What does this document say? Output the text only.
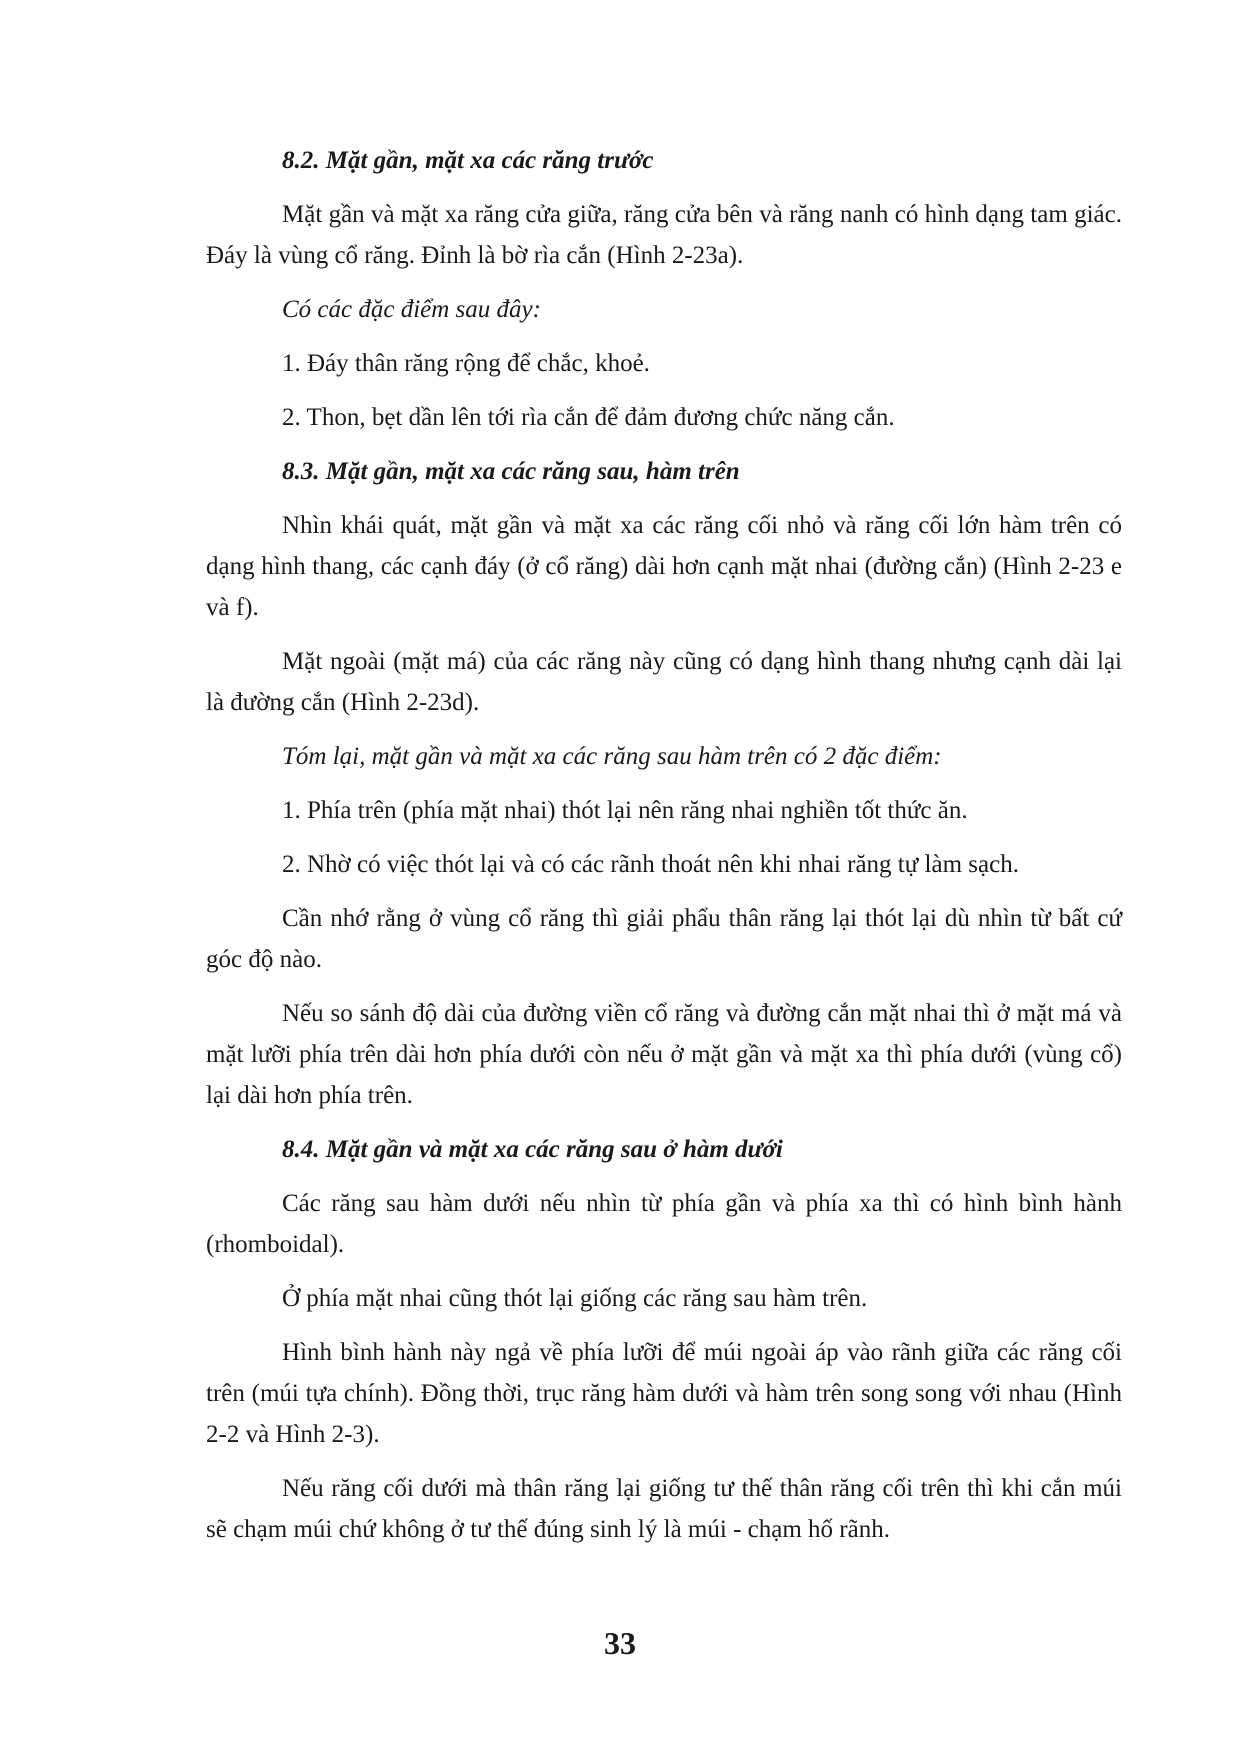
8.2. Mặt gần, mặt xa các răng trước
Mặt gần và mặt xa răng cửa giữa, răng cửa bên và răng nanh có hình dạng tam giác. Đáy là vùng cổ răng. Đỉnh là bờ rìa cắn (Hình 2-23a).
Có các đặc điểm sau đây:
1. Đáy thân răng rộng để chắc, khoẻ.
2. Thon, bẹt dần lên tới rìa cắn để đảm đương chức năng cắn.
8.3. Mặt gần, mặt xa các răng sau, hàm trên
Nhìn khái quát, mặt gần và mặt xa các răng cối nhỏ và răng cối lớn hàm trên có dạng hình thang, các cạnh đáy (ở cổ răng) dài hơn cạnh mặt nhai (đường cắn) (Hình 2-23 e và f).
Mặt ngoài (mặt má) của các răng này cũng có dạng hình thang nhưng cạnh dài lại là đường cắn (Hình 2-23d).
Tóm lại, mặt gần và mặt xa các răng sau hàm trên có 2 đặc điểm:
1. Phía trên (phía mặt nhai) thót lại nên răng nhai nghiền tốt thức ăn.
2. Nhờ có việc thót lại và có các rãnh thoát nên khi nhai răng tự làm sạch.
Cần nhớ rằng ở vùng cổ răng thì giải phẩu thân răng lại thót lại dù nhìn từ bất cứ góc độ nào.
Nếu so sánh độ dài của đường viền cổ răng và đường cắn mặt nhai thì ở mặt má và mặt lưỡi phía trên dài hơn phía dưới còn nếu ở mặt gần và mặt xa thì phía dưới (vùng cổ) lại dài hơn phía trên.
8.4. Mặt gần và mặt xa các răng sau ở hàm dưới
Các răng sau hàm dưới nếu nhìn từ phía gần và phía xa thì có hình bình hành (rhomboidal).
Ở phía mặt nhai cũng thót lại giống các răng sau hàm trên.
Hình bình hành này ngả về phía lưỡi để múi ngoài áp vào rãnh giữa các răng cối trên (múi tựa chính). Đồng thời, trục răng hàm dưới và hàm trên song song với nhau (Hình 2-2 và Hình 2-3).
Nếu răng cối dưới mà thân răng lại giống tư thế thân răng cối trên thì khi cắn múi sẽ chạm múi chứ không ở tư thế đúng sinh lý là múi - chạm hố rãnh.
33
